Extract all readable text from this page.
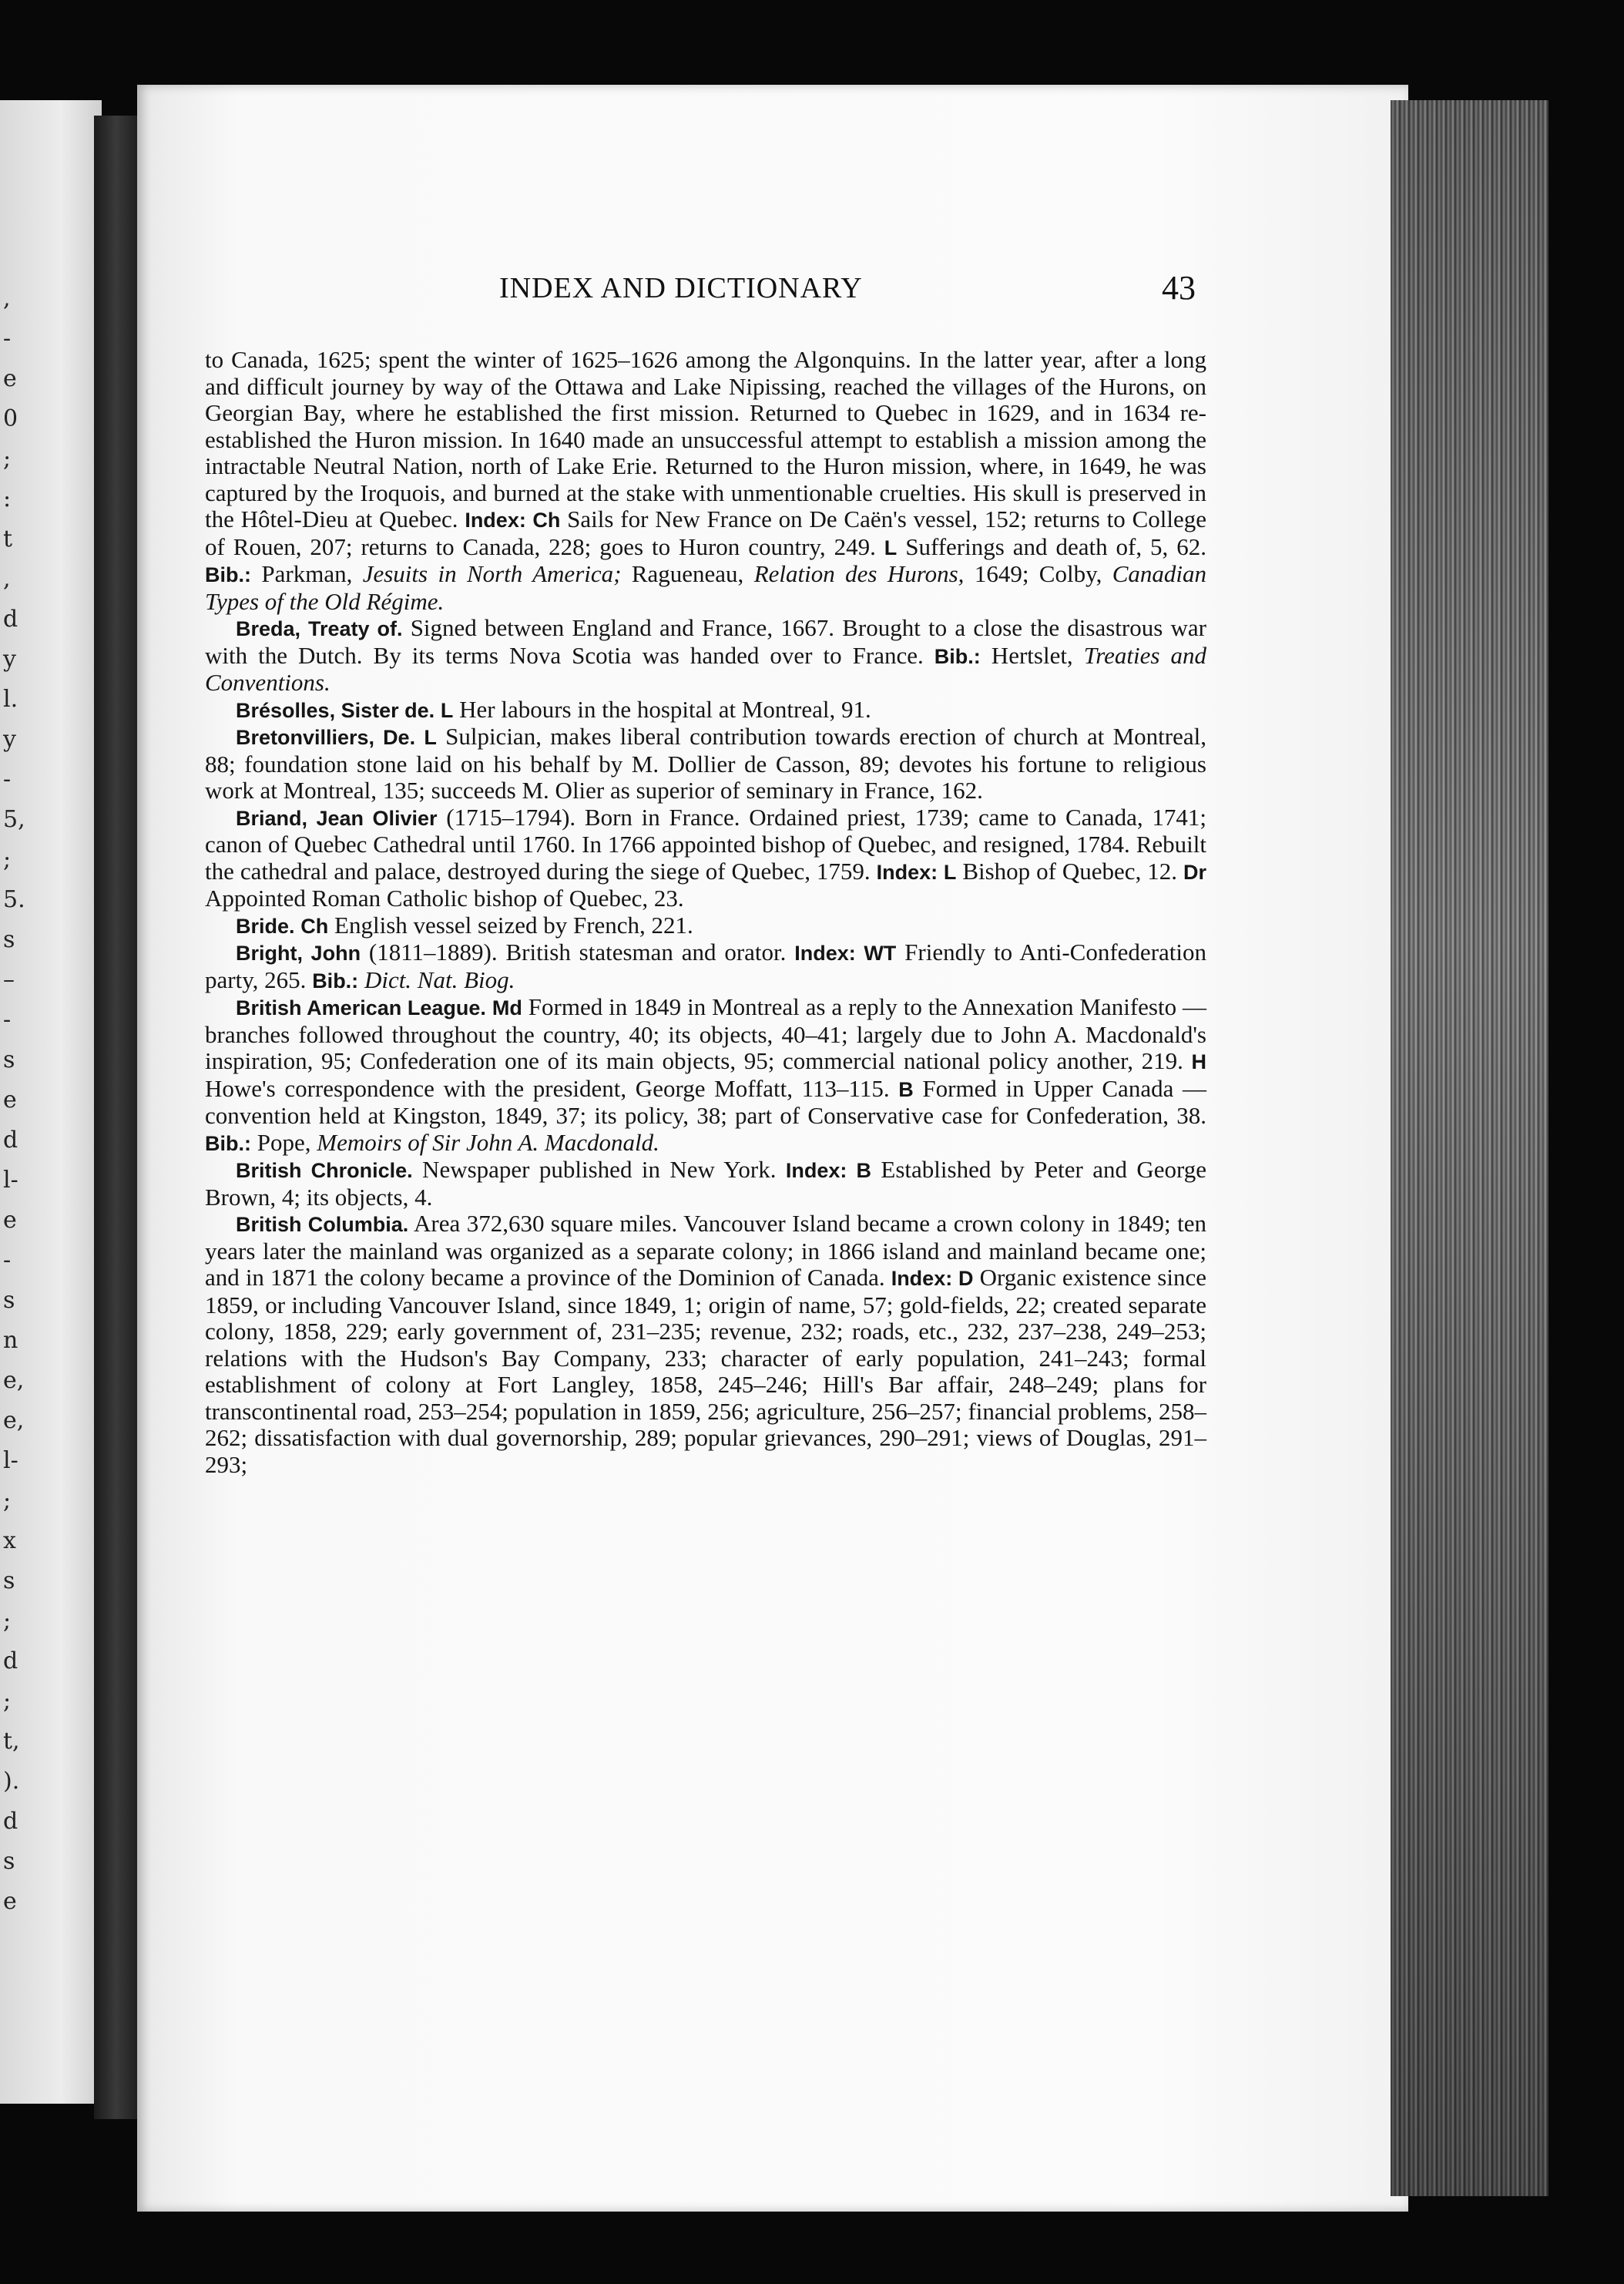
,
-
e
0
;
:
t
,
d
y
l.
y
-
5,
;
5.
s
–
-
s
e
d
l-
e
-
s
n
e,
e,
l-
;
x
s
;
d
;
t,
).
d
s
e
INDEX AND DICTIONARY	43

to Canada, 1625; spent the winter of 1625–1626 among the Algonquins. In the latter year, after a long and difficult journey by way of the Ottawa and Lake Nipissing, reached the villages of the Hurons, on Georgian Bay, where he established the first mission. Returned to Quebec in 1629, and in 1634 re-established the Huron mission. In 1640 made an unsuccessful attempt to establish a mission among the intractable Neutral Nation, north of Lake Erie. Returned to the Huron mission, where, in 1649, he was captured by the Iroquois, and burned at the stake with unmentionable cruelties. His skull is preserved in the Hôtel-Dieu at Quebec. Index: Ch Sails for New France on De Caën's vessel, 152; returns to College of Rouen, 207; returns to Canada, 228; goes to Huron country, 249. L Sufferings and death of, 5, 62. Bib.: Parkman, Jesuits in North America; Ragueneau, Relation des Hurons, 1649; Colby, Canadian Types of the Old Régime.

Breda, Treaty of. Signed between England and France, 1667. Brought to a close the disastrous war with the Dutch. By its terms Nova Scotia was handed over to France. Bib.: Hertslet, Treaties and Conventions.

Brésolles, Sister de. L Her labours in the hospital at Montreal, 91.

Bretonvilliers, De. L Sulpician, makes liberal contribution towards erection of church at Montreal, 88; foundation stone laid on his behalf by M. Dollier de Casson, 89; devotes his fortune to religious work at Montreal, 135; succeeds M. Olier as superior of seminary in France, 162.

Briand, Jean Olivier (1715–1794). Born in France. Ordained priest, 1739; came to Canada, 1741; canon of Quebec Cathedral until 1760. In 1766 appointed bishop of Quebec, and resigned, 1784. Rebuilt the cathedral and palace, destroyed during the siege of Quebec, 1759. Index: L Bishop of Quebec, 12. Dr Appointed Roman Catholic bishop of Quebec, 23.

Bride. Ch English vessel seized by French, 221.

Bright, John (1811–1889). British statesman and orator. Index: WT Friendly to Anti-Confederation party, 265. Bib.: Dict. Nat. Biog.

British American League. Md Formed in 1849 in Montreal as a reply to the Annexation Manifesto — branches followed throughout the country, 40; its objects, 40–41; largely due to John A. Macdonald's inspiration, 95; Confederation one of its main objects, 95; commercial national policy another, 219. H Howe's correspondence with the president, George Moffatt, 113–115. B Formed in Upper Canada — convention held at Kingston, 1849, 37; its policy, 38; part of Conservative case for Confederation, 38. Bib.: Pope, Memoirs of Sir John A. Macdonald.

British Chronicle. Newspaper published in New York. Index: B Established by Peter and George Brown, 4; its objects, 4.

British Columbia. Area 372,630 square miles. Vancouver Island became a crown colony in 1849; ten years later the mainland was organized as a separate colony; in 1866 island and mainland became one; and in 1871 the colony became a province of the Dominion of Canada. Index: D Organic existence since 1859, or including Vancouver Island, since 1849, 1; origin of name, 57; gold-fields, 22; created separate colony, 1858, 229; early government of, 231–235; revenue, 232; roads, etc., 232, 237–238, 249–253; relations with the Hudson's Bay Company, 233; character of early population, 241–243; formal establishment of colony at Fort Langley, 1858, 245–246; Hill's Bar affair, 248–249; plans for transcontinental road, 253–254; population in 1859, 256; agriculture, 256–257; financial problems, 258–262; dissatisfaction with dual governorship, 289; popular grievances, 290–291; views of Douglas, 291–293;
